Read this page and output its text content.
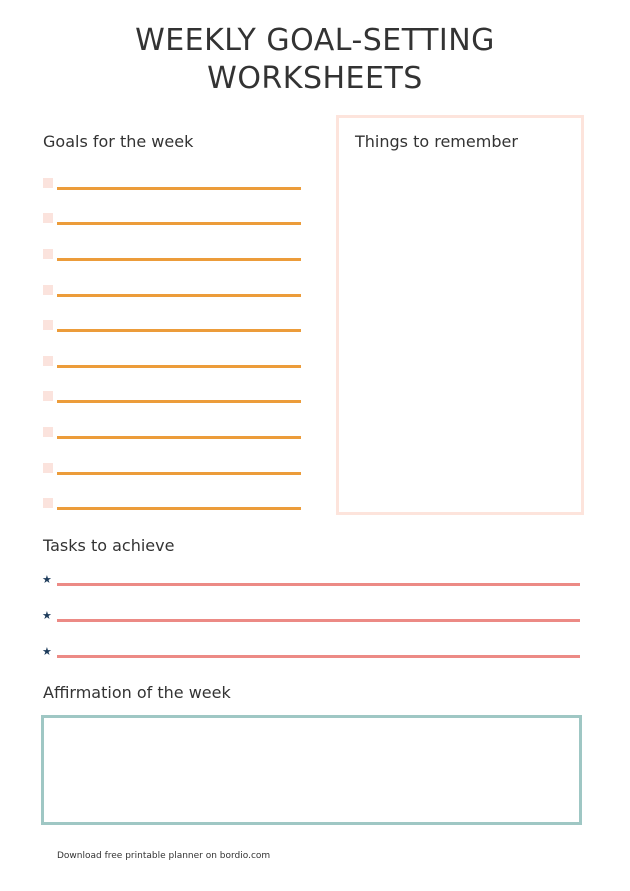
WEEKLY GOAL-SETTING
WORKSHEETS
Goals for the week	Things to remember
Tasks to achieve
★
★
★
Affirmation of the week
Download free printable planner on bordio.com
